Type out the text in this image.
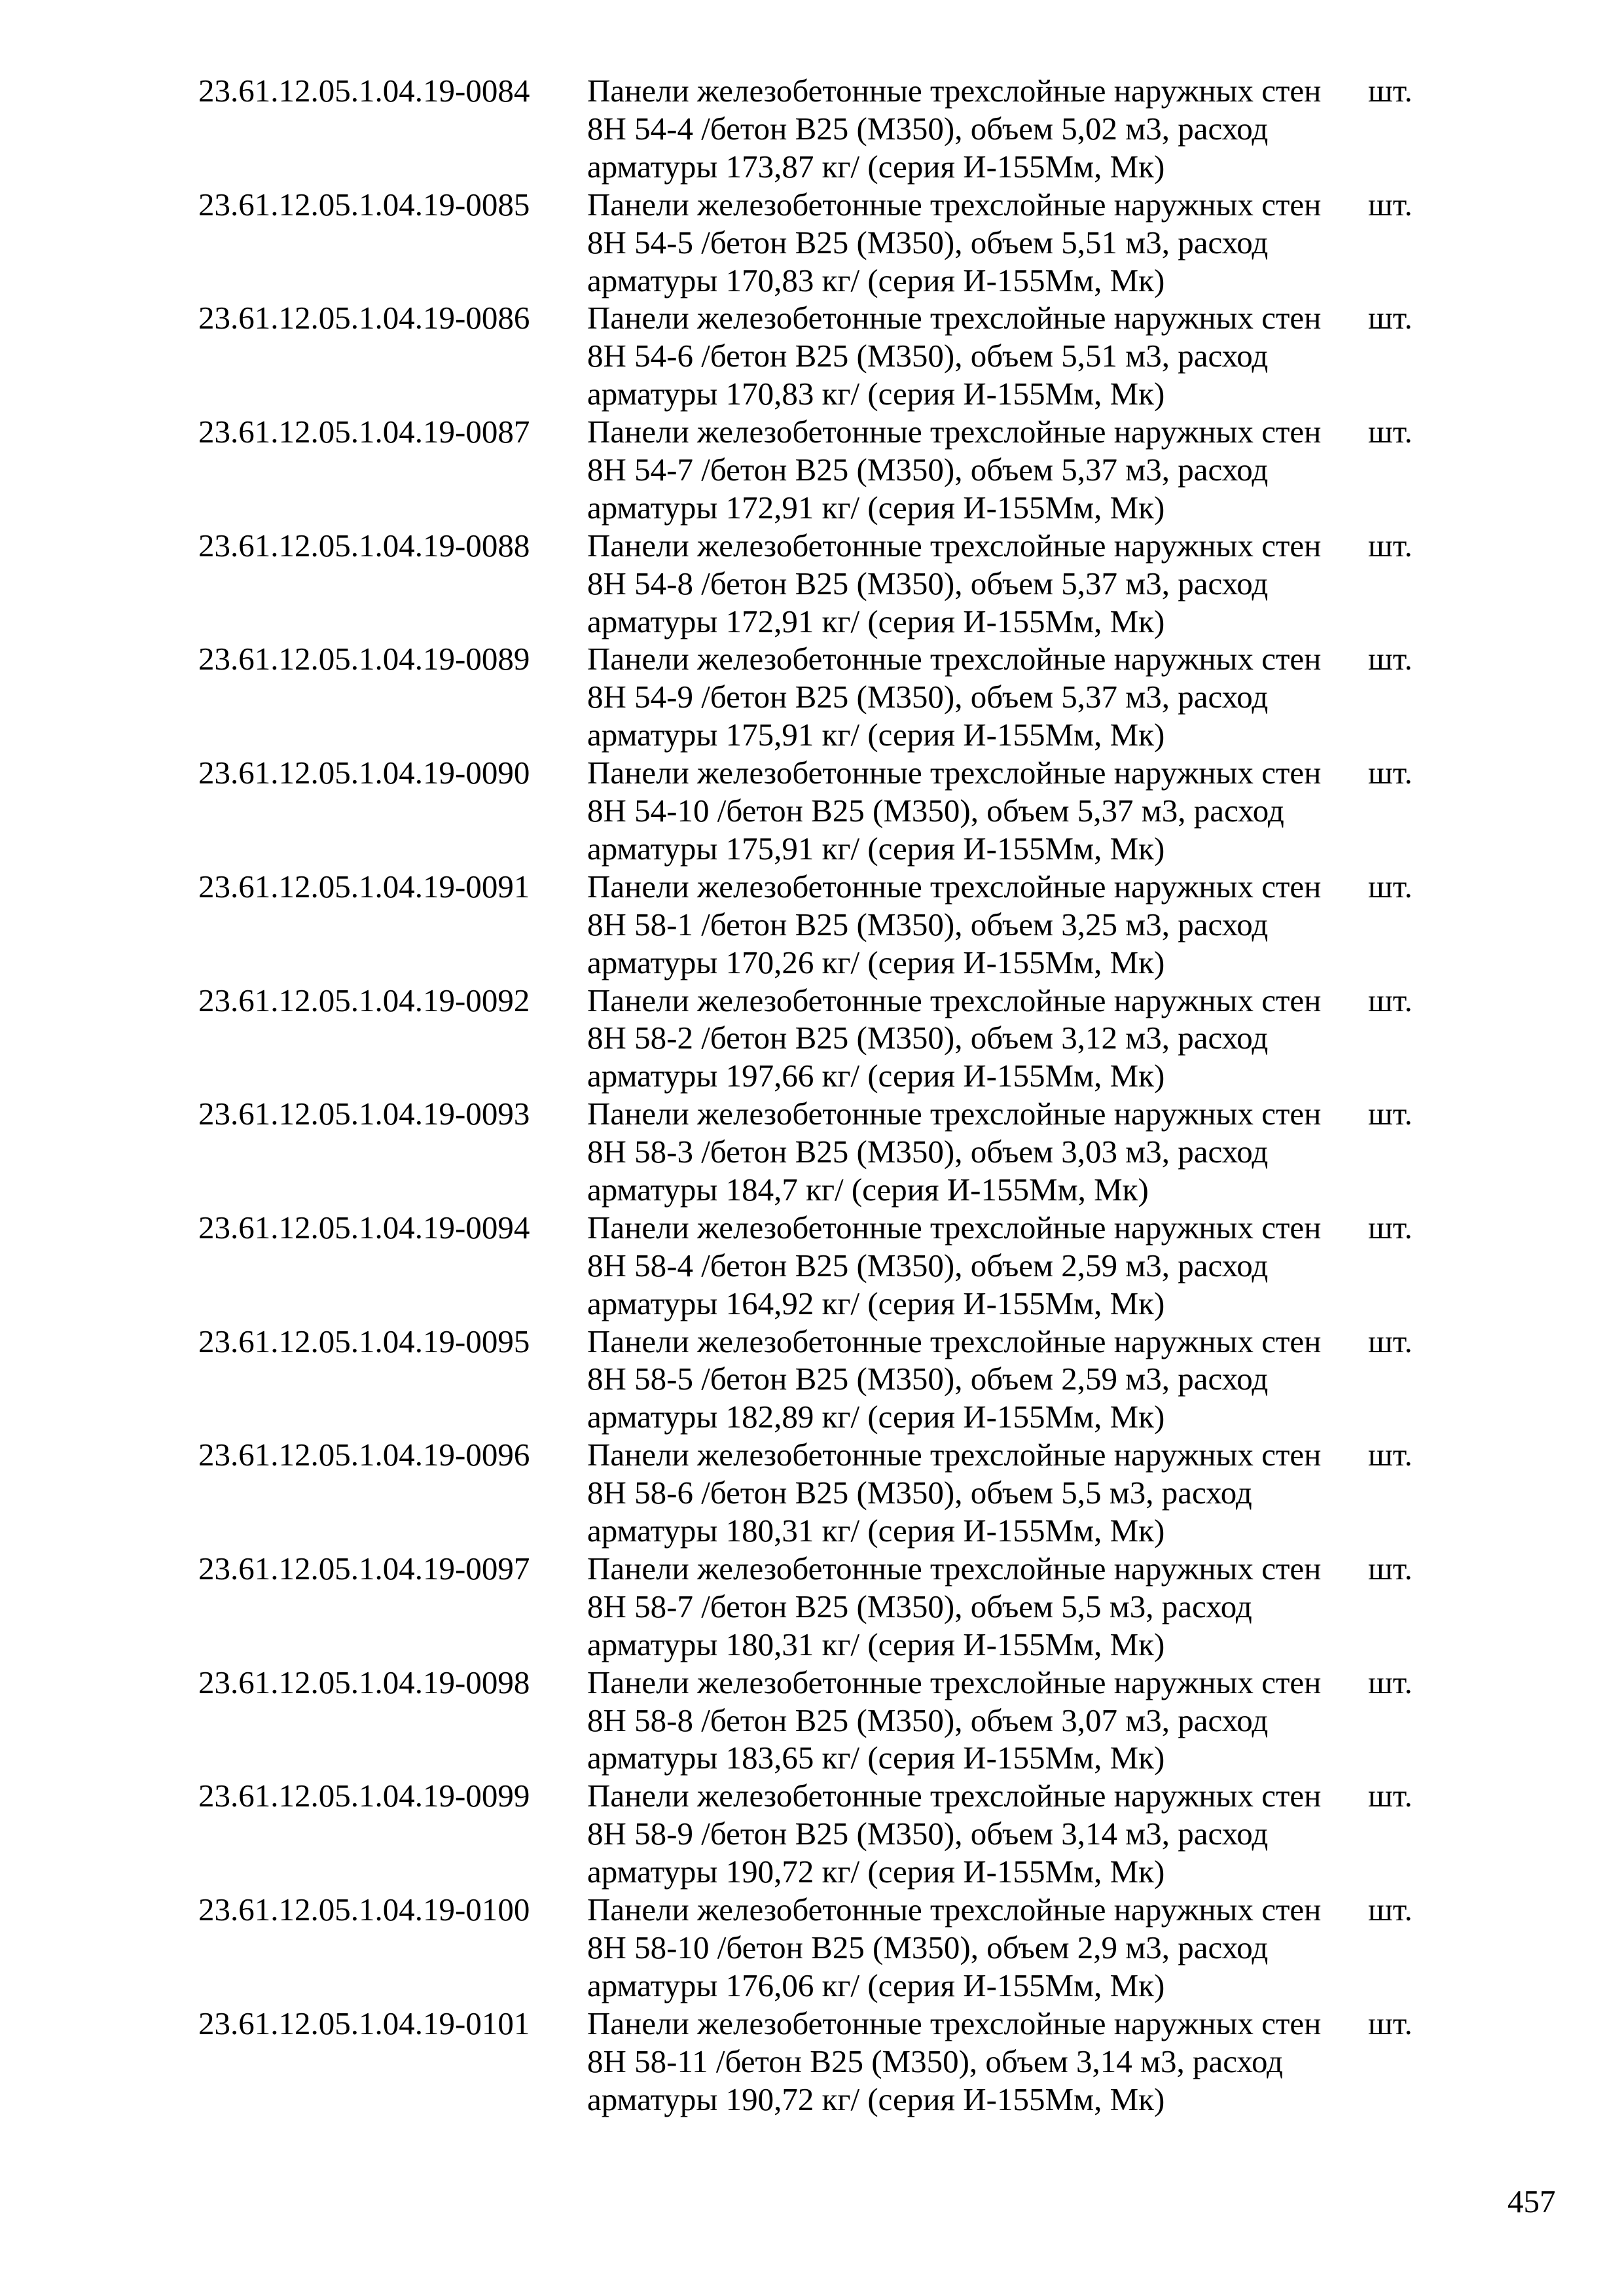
23.61.12.05.1.04.19-0084 Панели железобетонные трехслойные наружных стен
8Н 54-4 /бетон В25 (М350), объем 5,02 м3, расход
арматуры 173,87 кг/ (серия И-155Мм, Мк)
шт.
23.61.12.05.1.04.19-0085 Панели железобетонные трехслойные наружных стен
8Н 54-5 /бетон В25 (М350), объем 5,51 м3, расход
арматуры 170,83 кг/ (серия И-155Мм, Мк)
шт.
23.61.12.05.1.04.19-0086 Панели железобетонные трехслойные наружных стен
8Н 54-6 /бетон В25 (М350), объем 5,51 м3, расход
арматуры 170,83 кг/ (серия И-155Мм, Мк)
шт.
23.61.12.05.1.04.19-0087 Панели железобетонные трехслойные наружных стен
8Н 54-7 /бетон В25 (М350), объем 5,37 м3, расход
арматуры 172,91 кг/ (серия И-155Мм, Мк)
шт.
23.61.12.05.1.04.19-0088 Панели железобетонные трехслойные наружных стен
8Н 54-8 /бетон В25 (М350), объем 5,37 м3, расход
арматуры 172,91 кг/ (серия И-155Мм, Мк)
шт.
23.61.12.05.1.04.19-0089 Панели железобетонные трехслойные наружных стен
8Н 54-9 /бетон В25 (М350), объем 5,37 м3, расход
арматуры 175,91 кг/ (серия И-155Мм, Мк)
шт.
23.61.12.05.1.04.19-0090 Панели железобетонные трехслойные наружных стен
8Н 54-10 /бетон В25 (М350), объем 5,37 м3, расход
арматуры 175,91 кг/ (серия И-155Мм, Мк)
шт.
23.61.12.05.1.04.19-0091 Панели железобетонные трехслойные наружных стен
8Н 58-1 /бетон В25 (М350), объем 3,25 м3, расход
арматуры 170,26 кг/ (серия И-155Мм, Мк)
шт.
23.61.12.05.1.04.19-0092 Панели железобетонные трехслойные наружных стен
8Н 58-2 /бетон В25 (М350), объем 3,12 м3, расход
арматуры 197,66 кг/ (серия И-155Мм, Мк)
шт.
23.61.12.05.1.04.19-0093 Панели железобетонные трехслойные наружных стен
8Н 58-3 /бетон В25 (М350), объем 3,03 м3, расход
арматуры 184,7 кг/ (серия И-155Мм, Мк)
шт.
23.61.12.05.1.04.19-0094 Панели железобетонные трехслойные наружных стен
8Н 58-4 /бетон В25 (М350), объем 2,59 м3, расход
арматуры 164,92 кг/ (серия И-155Мм, Мк)
шт.
23.61.12.05.1.04.19-0095 Панели железобетонные трехслойные наружных стен
8Н 58-5 /бетон В25 (М350), объем 2,59 м3, расход
арматуры 182,89 кг/ (серия И-155Мм, Мк)
шт.
23.61.12.05.1.04.19-0096 Панели железобетонные трехслойные наружных стен
8Н 58-6 /бетон В25 (М350), объем 5,5 м3, расход
арматуры 180,31 кг/ (серия И-155Мм, Мк)
шт.
23.61.12.05.1.04.19-0097 Панели железобетонные трехслойные наружных стен
8Н 58-7 /бетон В25 (М350), объем 5,5 м3, расход
арматуры 180,31 кг/ (серия И-155Мм, Мк)
шт.
23.61.12.05.1.04.19-0098 Панели железобетонные трехслойные наружных стен
8Н 58-8 /бетон В25 (М350), объем 3,07 м3, расход
арматуры 183,65 кг/ (серия И-155Мм, Мк)
шт.
23.61.12.05.1.04.19-0099 Панели железобетонные трехслойные наружных стен
8Н 58-9 /бетон В25 (М350), объем 3,14 м3, расход
арматуры 190,72 кг/ (серия И-155Мм, Мк)
шт.
23.61.12.05.1.04.19-0100 Панели железобетонные трехслойные наружных стен
8Н 58-10 /бетон В25 (М350), объем 2,9 м3, расход
арматуры 176,06 кг/ (серия И-155Мм, Мк)
шт.
23.61.12.05.1.04.19-0101 Панели железобетонные трехслойные наружных стен
8Н 58-11 /бетон В25 (М350), объем 3,14 м3, расход
арматуры 190,72 кг/ (серия И-155Мм, Мк)
шт.
457
